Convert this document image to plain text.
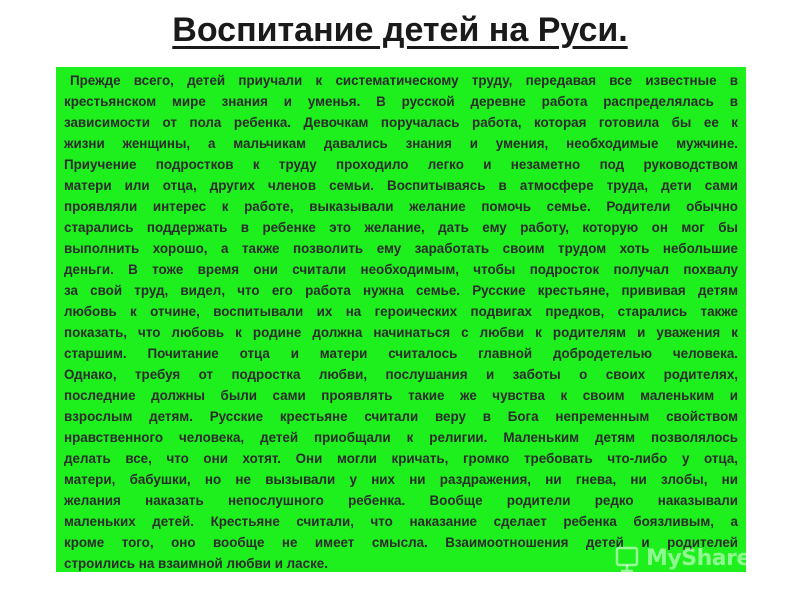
Воспитание детей на Руси.
Прежде всего, детей приучали к систематическому труду, передавая все известные в
крестьянском мире знания и уменья. В русской деревне работа распределялась в
зависимости от пола ребенка. Девочкам поручалась работа, которая готовила бы ее к
жизни женщины, а мальчикам давались знания и умения, необходимые мужчине.
Приучение подростков к труду проходило легко и незаметно под руководством
матери или отца, других членов семьи. Воспитываясь в атмосфере труда, дети сами
проявляли интерес к работе, выказывали желание помочь семье. Родители обычно
старались поддержать в ребенке это желание, дать ему работу, которую он мог бы
выполнить хорошо, а также позволить ему заработать своим трудом хоть небольшие
деньги. В тоже время они считали необходимым, чтобы подросток получал похвалу
за свой труд, видел, что его работа нужна семье. Русские крестьяне, прививая детям
любовь к отчине, воспитывали их на героических подвигах предков, старались также
показать, что любовь к родине должна начинаться с любви к родителям и уважения к
старшим. Почитание отца и матери считалось главной добродетелью человека.
Однако, требуя от подростка любви, послушания и заботы о своих родителях,
последние должны были сами проявлять такие же чувства к своим маленьким и
взрослым детям. Русские крестьяне считали веру в Бога непременным свойством
нравственного человека, детей приобщали к религии. Маленьким детям позволялось
делать все, что они хотят. Они могли кричать, громко требовать что-либо у отца,
матери, бабушки, но не вызывали у них ни раздражения, ни гнева, ни злобы, ни
желания наказать непослушного ребенка. Вообще родители редко наказывали
маленьких детей. Крестьяне считали, что наказание сделает ребенка боязливым, а
кроме того, оно вообще не имеет смысла. Взаимоотношения детей и родителей
строились на взаимной любви и ласке.	MyShared
